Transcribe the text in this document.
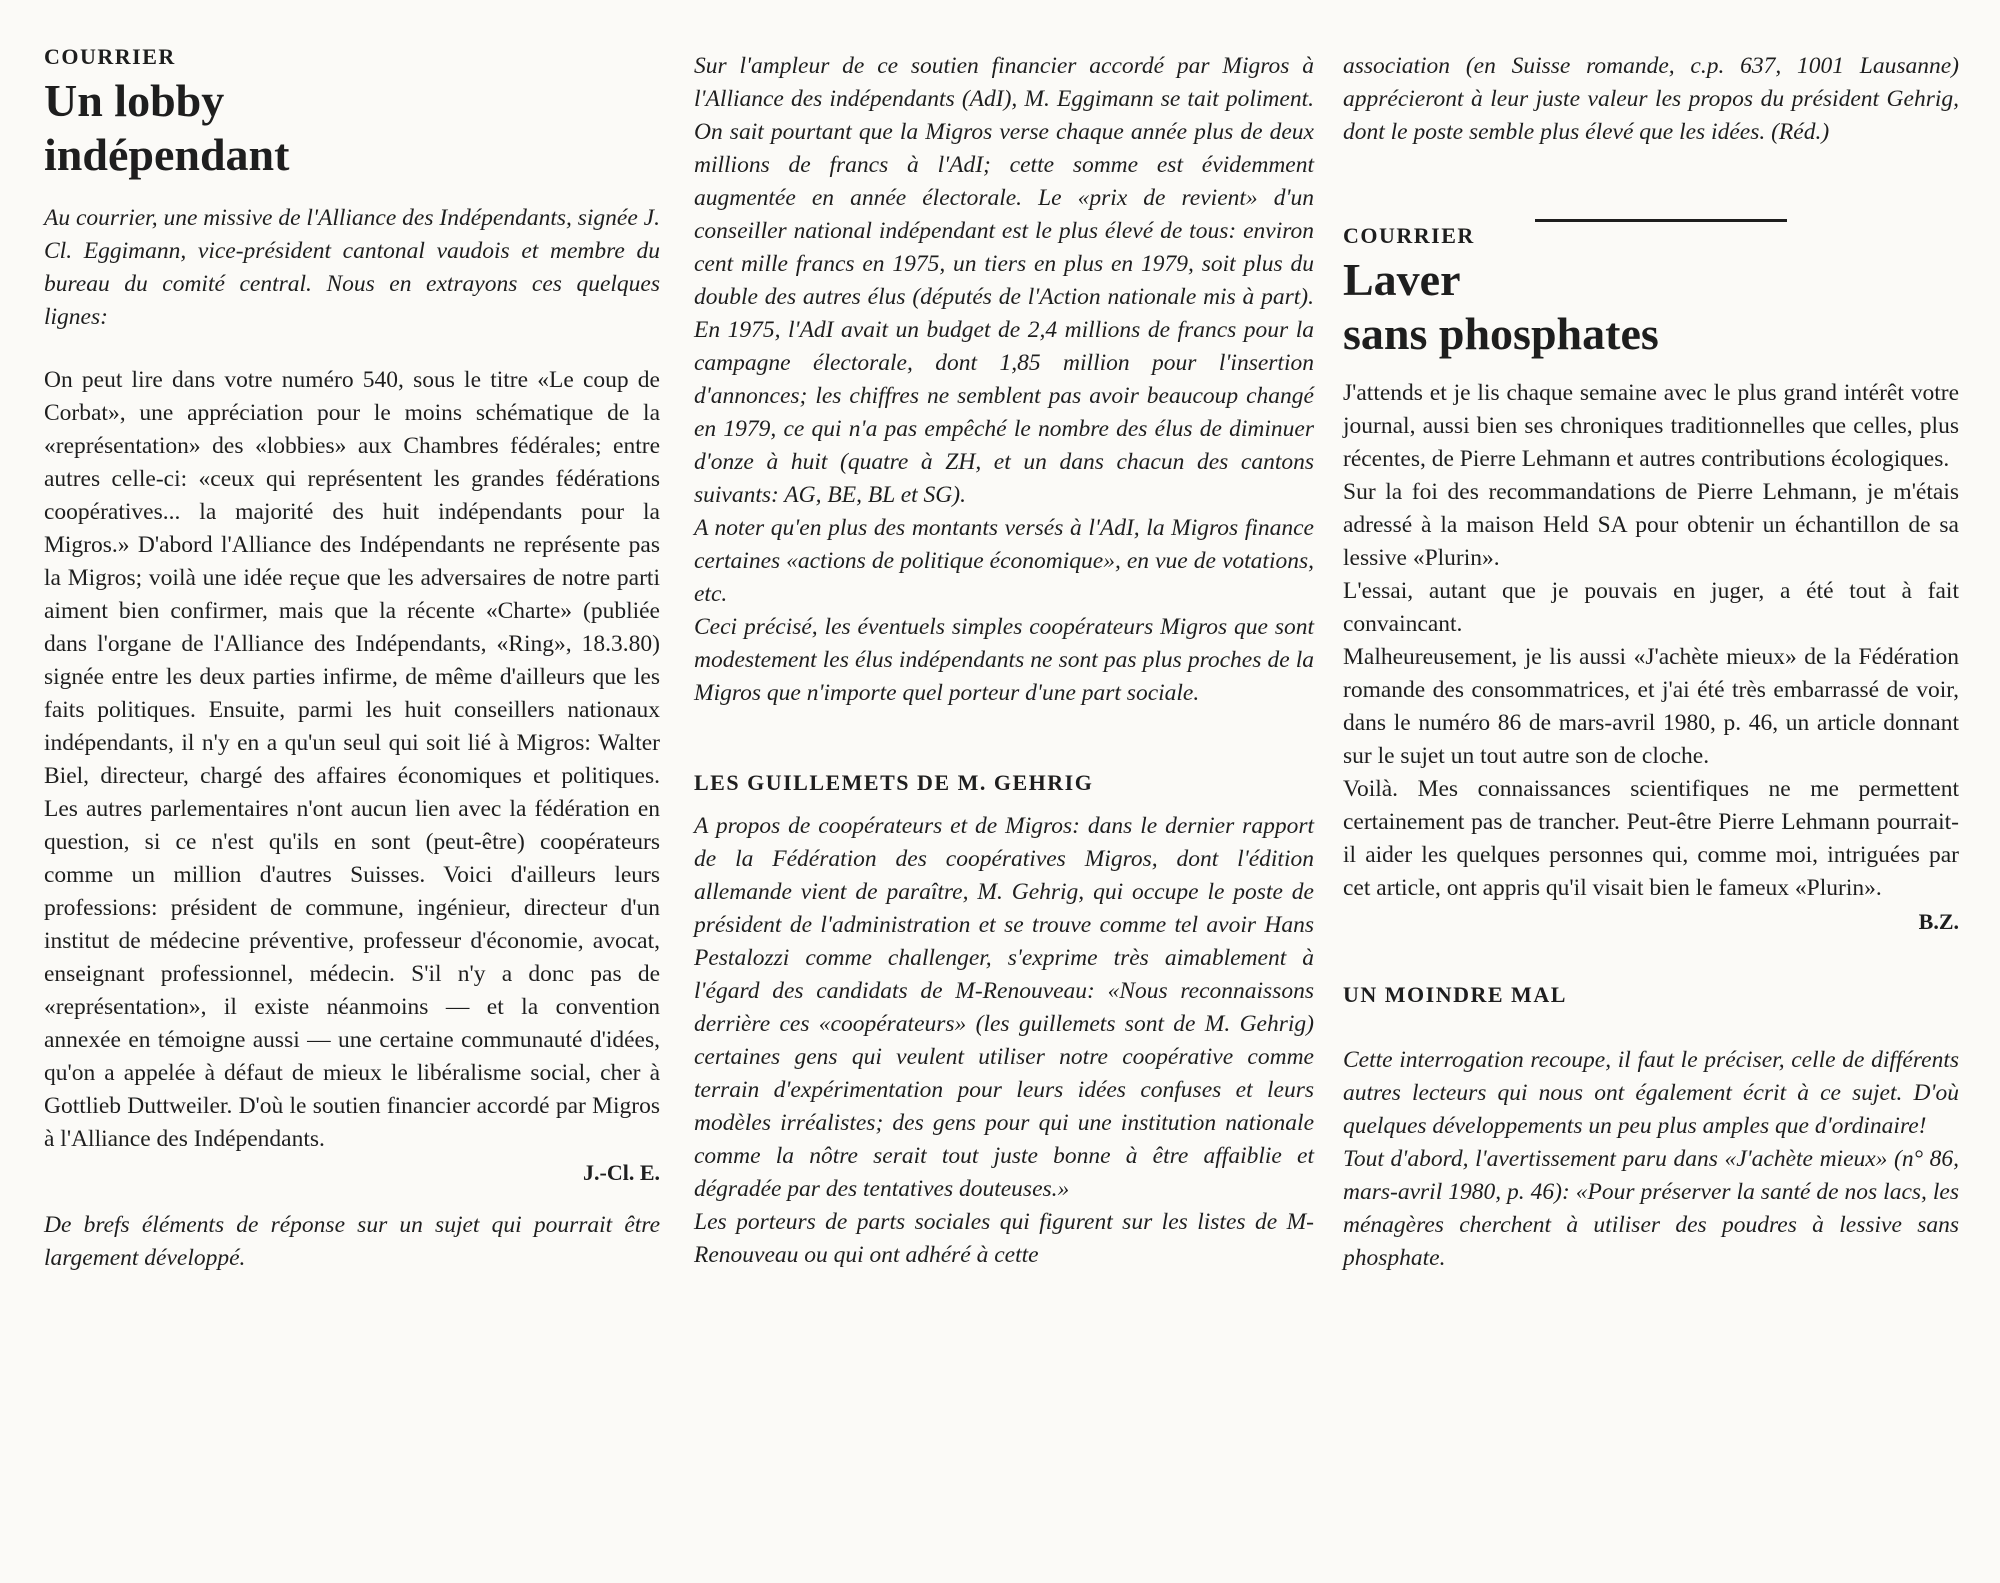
COURRIER
Un lobby
indépendant

Au courrier, une missive de l'Alliance des Indépendants, signée J. Cl. Eggimann, vice-président cantonal vaudois et membre du bureau du comité central. Nous en extrayons ces quelques lignes:

On peut lire dans votre numéro 540, sous le titre «Le coup de Corbat», une appréciation pour le moins schématique de la «représentation» des «lobbies» aux Chambres fédérales; entre autres celle-ci: «ceux qui représentent les grandes fédérations coopératives... la majorité des huit indépendants pour la Migros.» D'abord l'Alliance des Indépendants ne représente pas la Migros; voilà une idée reçue que les adversaires de notre parti aiment bien confirmer, mais que la récente «Charte» (publiée dans l'organe de l'Alliance des Indépendants, «Ring», 18.3.80) signée entre les deux parties infirme, de même d'ailleurs que les faits politiques. Ensuite, parmi les huit conseillers nationaux indépendants, il n'y en a qu'un seul qui soit lié à Migros: Walter Biel, directeur, chargé des affaires économiques et politiques. Les autres parlementaires n'ont aucun lien avec la fédération en question, si ce n'est qu'ils en sont (peut-être) coopérateurs comme un million d'autres Suisses. Voici d'ailleurs leurs professions: président de commune, ingénieur, directeur d'un institut de médecine préventive, professeur d'économie, avocat, enseignant professionnel, médecin. S'il n'y a donc pas de «représentation», il existe néanmoins — et la convention annexée en témoigne aussi — une certaine communauté d'idées, qu'on a appelée à défaut de mieux le libéralisme social, cher à Gottlieb Duttweiler. D'où le soutien financier accordé par Migros à l'Alliance des Indépendants.

J.-Cl. E.

De brefs éléments de réponse sur un sujet qui pourrait être largement développé.

Sur l'ampleur de ce soutien financier accordé par Migros à l'Alliance des indépendants (AdI), M. Eggimann se tait poliment. On sait pourtant que la Migros verse chaque année plus de deux millions de francs à l'AdI; cette somme est évidemment augmentée en année électorale. Le «prix de revient» d'un conseiller national indépendant est le plus élevé de tous: environ cent mille francs en 1975, un tiers en plus en 1979, soit plus du double des autres élus (députés de l'Action nationale mis à part). En 1975, l'AdI avait un budget de 2,4 millions de francs pour la campagne électorale, dont 1,85 million pour l'insertion d'annonces; les chiffres ne semblent pas avoir beaucoup changé en 1979, ce qui n'a pas empêché le nombre des élus de diminuer d'onze à huit (quatre à ZH, et un dans chacun des cantons suivants: AG, BE, BL et SG).

A noter qu'en plus des montants versés à l'AdI, la Migros finance certaines «actions de politique économique», en vue de votations, etc.

Ceci précisé, les éventuels simples coopérateurs Migros que sont modestement les élus indépendants ne sont pas plus proches de la Migros que n'importe quel porteur d'une part sociale.

LES GUILLEMETS DE M. GEHRIG

A propos de coopérateurs et de Migros: dans le dernier rapport de la Fédération des coopératives Migros, dont l'édition allemande vient de paraître, M. Gehrig, qui occupe le poste de président de l'administration et se trouve comme tel avoir Hans Pestalozzi comme challenger, s'exprime très aimablement à l'égard des candidats de M-Renouveau: «Nous reconnaissons derrière ces «coopérateurs» (les guillemets sont de M. Gehrig) certaines gens qui veulent utiliser notre coopérative comme terrain d'expérimentation pour leurs idées confuses et leurs modèles irréalistes; des gens pour qui une institution nationale comme la nôtre serait tout juste bonne à être affaiblie et dégradée par des tentatives douteuses.»

Les porteurs de parts sociales qui figurent sur les listes de M-Renouveau ou qui ont adhéré à cette

association (en Suisse romande, c.p. 637, 1001 Lausanne) apprécieront à leur juste valeur les propos du président Gehrig, dont le poste semble plus élevé que les idées. (Réd.)

COURRIER
Laver
sans phosphates

J'attends et je lis chaque semaine avec le plus grand intérêt votre journal, aussi bien ses chroniques traditionnelles que celles, plus récentes, de Pierre Lehmann et autres contributions écologiques.

Sur la foi des recommandations de Pierre Lehmann, je m'étais adressé à la maison Held SA pour obtenir un échantillon de sa lessive «Plurin».

L'essai, autant que je pouvais en juger, a été tout à fait convaincant.

Malheureusement, je lis aussi «J'achète mieux» de la Fédération romande des consommatrices, et j'ai été très embarrassé de voir, dans le numéro 86 de mars-avril 1980, p. 46, un article donnant sur le sujet un tout autre son de cloche.

Voilà. Mes connaissances scientifiques ne me permettent certainement pas de trancher. Peut-être Pierre Lehmann pourrait-il aider les quelques personnes qui, comme moi, intriguées par cet article, ont appris qu'il visait bien le fameux «Plurin».

B.Z.
UN MOINDRE MAL

Cette interrogation recoupe, il faut le préciser, celle de différents autres lecteurs qui nous ont également écrit à ce sujet. D'où quelques développements un peu plus amples que d'ordinaire!

Tout d'abord, l'avertissement paru dans «J'achète mieux» (n° 86, mars-avril 1980, p. 46): «Pour préserver la santé de nos lacs, les ménagères cherchent à utiliser des poudres à lessive sans phosphate.
